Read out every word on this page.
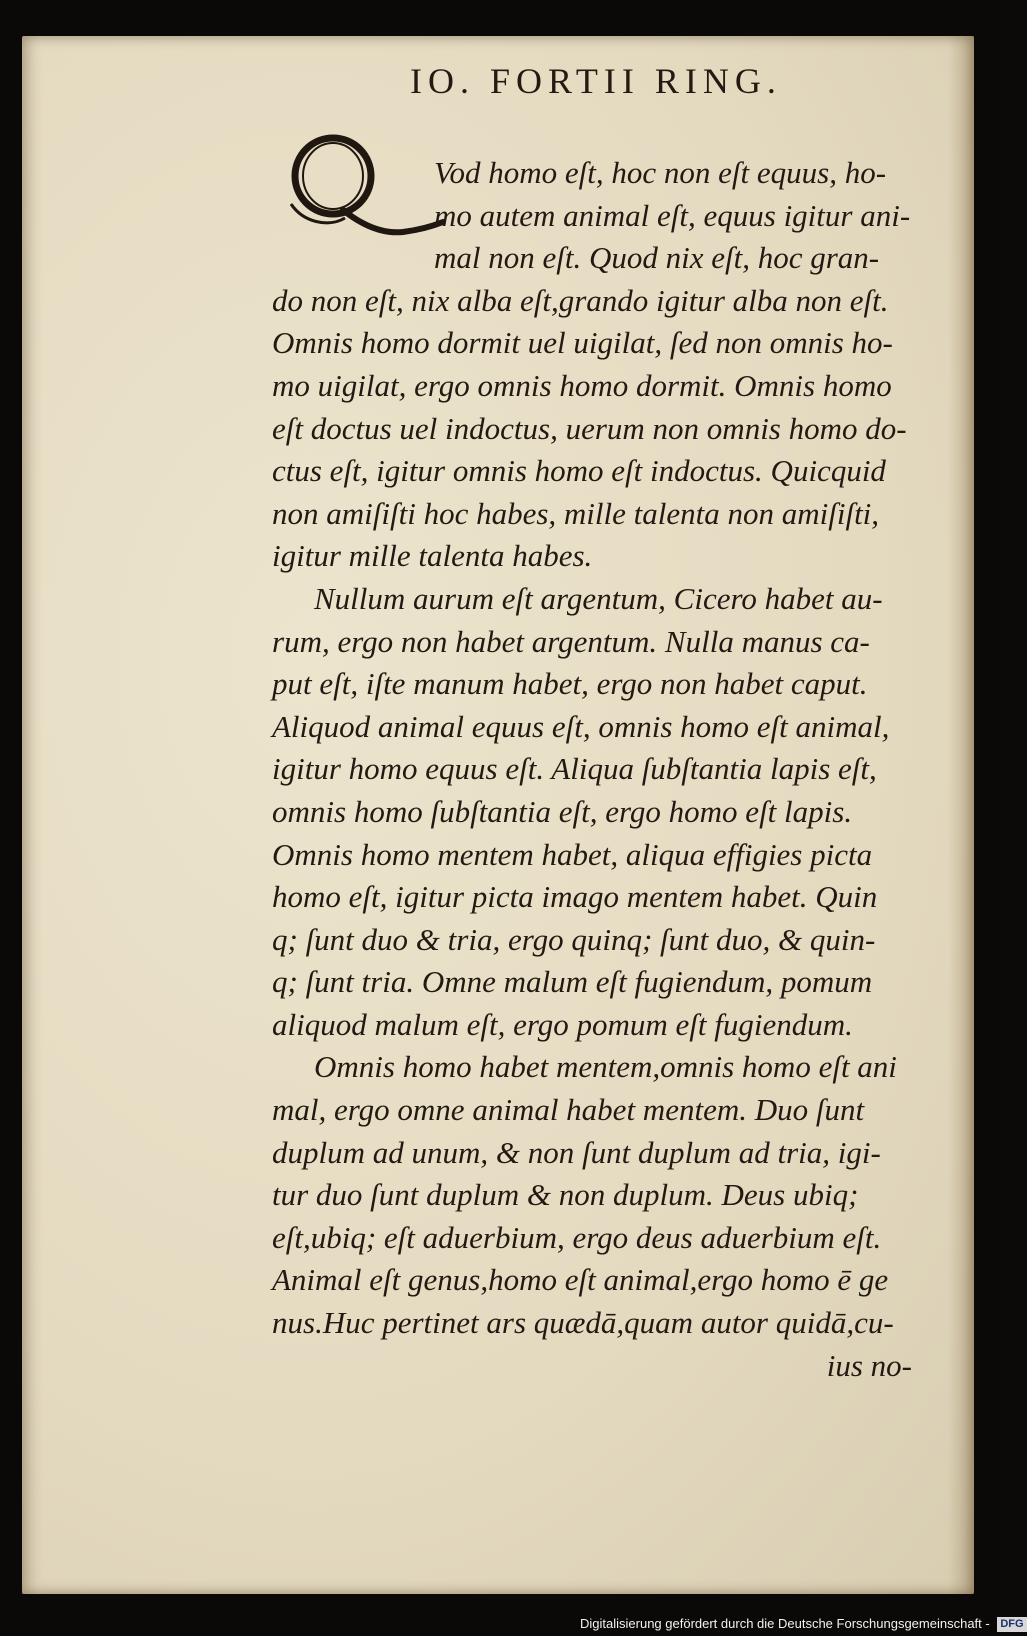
IO. FORTII RING.
Q
Vod homo eſt, hoc non eſt equus, ho-
mo autem animal eſt, equus igitur ani-
mal non eſt. Quod nix eſt, hoc gran-
do non eſt, nix alba eſt,grando igitur alba non eſt.
Omnis homo dormit uel uigilat, ſed non omnis ho-
mo uigilat, ergo omnis homo dormit. Omnis homo
eſt doctus uel indoctus, uerum non omnis homo do-
ctus eſt, igitur omnis homo eſt indoctus. Quicquid
non amiſiſti hoc habes, mille talenta non amiſiſti,
igitur mille talenta habes.
Nullum aurum eſt argentum, Cicero habet au-
rum, ergo non habet argentum. Nulla manus ca-
put eſt, iſte manum habet, ergo non habet caput.
Aliquod animal equus eſt, omnis homo eſt animal,
igitur homo equus eſt. Aliqua ſubſtantia lapis eſt,
omnis homo ſubſtantia eſt, ergo homo eſt lapis.
Omnis homo mentem habet, aliqua effigies picta
homo eſt, igitur picta imago mentem habet. Quin
q; ſunt duo & tria, ergo quinq; ſunt duo, & quin-
q; ſunt tria. Omne malum eſt fugiendum, pomum
aliquod malum eſt, ergo pomum eſt fugiendum.
Omnis homo habet mentem,omnis homo eſt ani
mal, ergo omne animal habet mentem. Duo ſunt
duplum ad unum, & non ſunt duplum ad tria, igi-
tur duo ſunt duplum & non duplum. Deus ubiq;
eſt,ubiq; eſt aduerbium, ergo deus aduerbium eſt.
Animal eſt genus,homo eſt animal,ergo homo ē ge
nus.Huc pertinet ars quædā,quam autor quidā,cu-
ius no-
Digitalisierung gefördert durch die Deutsche Forschungsgemeinschaft - DFG
